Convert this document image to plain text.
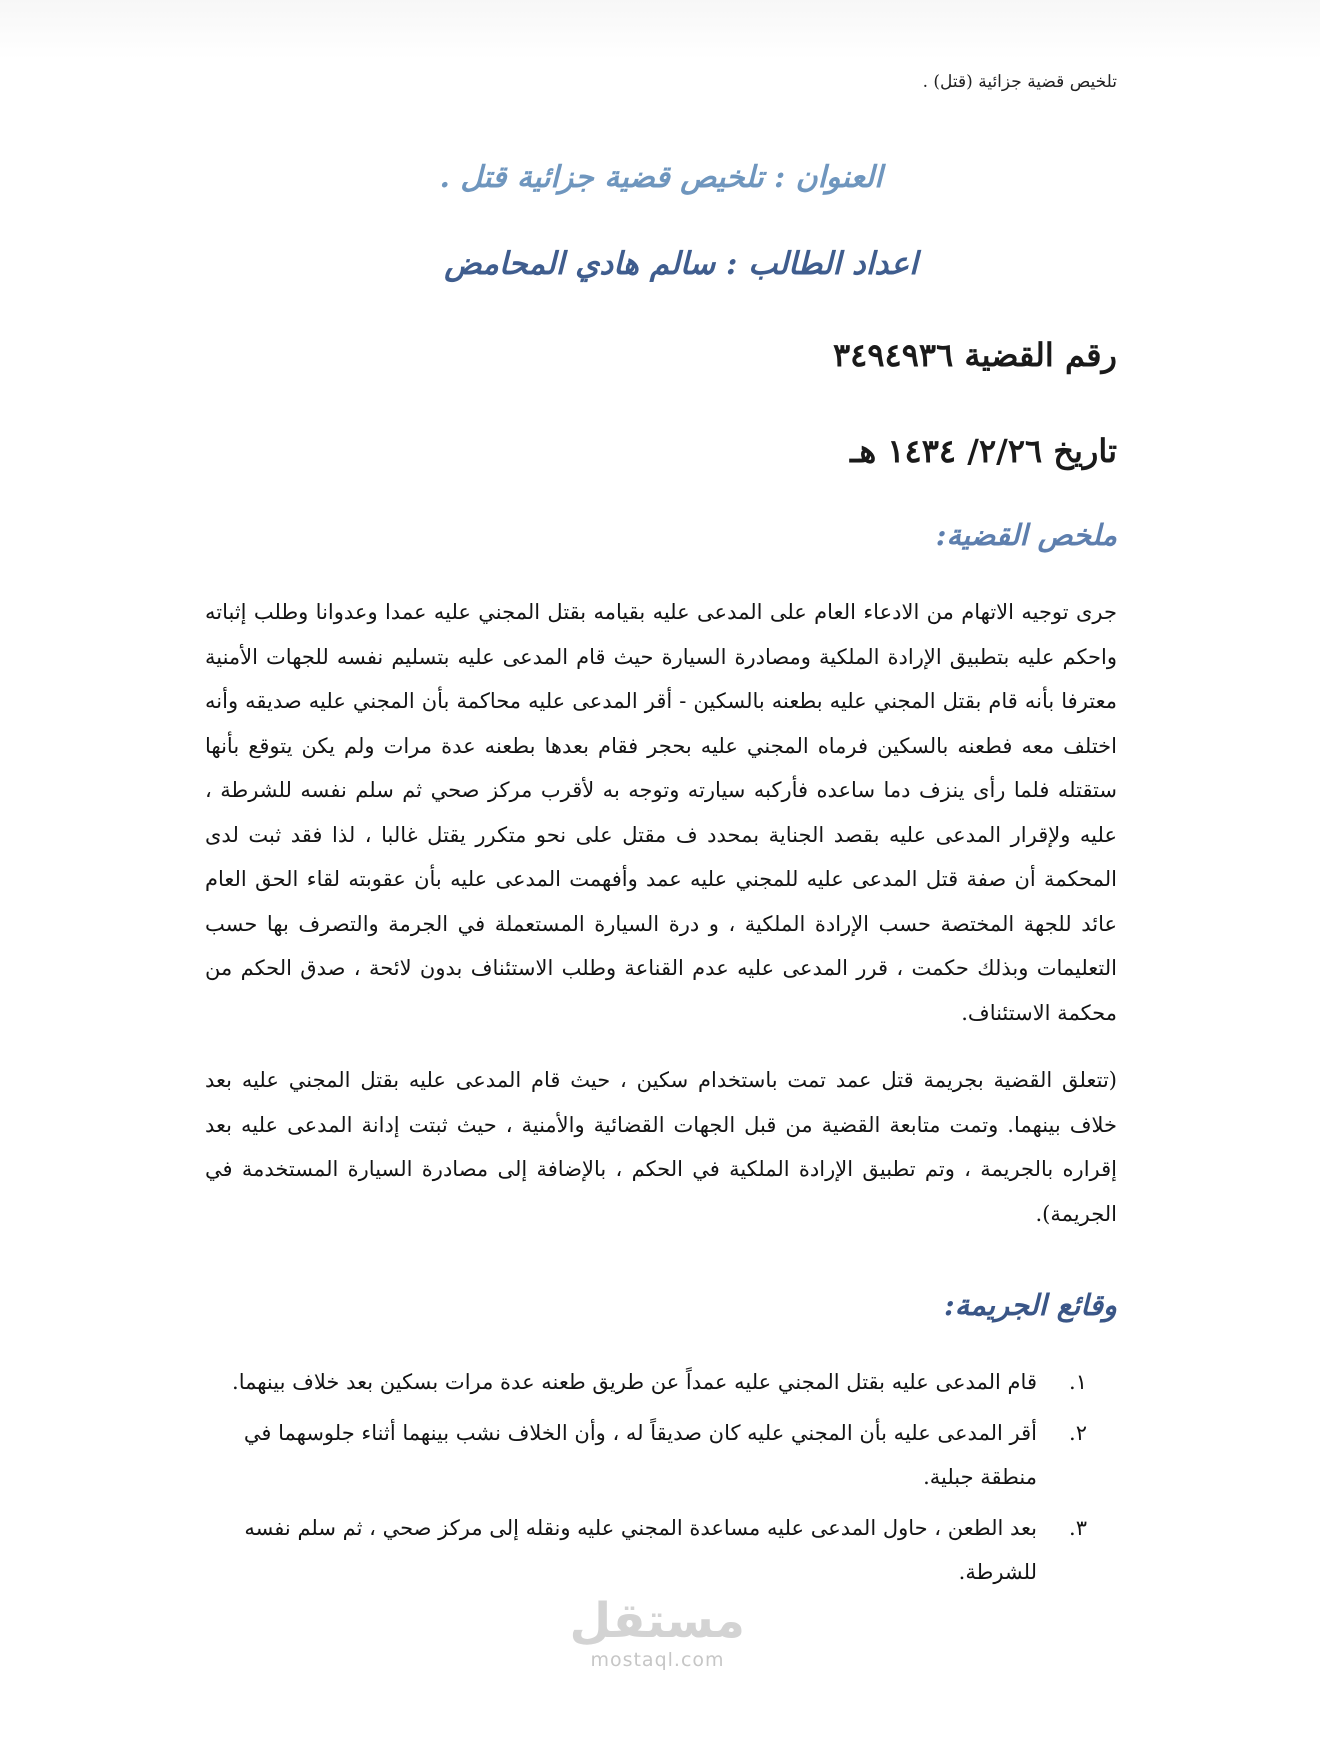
تلخيص قضية جزائية (قتل) .
العنوان : تلخيص قضية جزائية قتل .
اعداد الطالب : سالم هادي المحامض
رقم القضية ٣٤٩٤٩٣٦
تاريخ ٢/٢٦/ ١٤٣٤ هـ
ملخص القضية:

جرى توجيه الاتهام من الادعاء العام على المدعى عليه بقيامه بقتل المجني عليه عمدا وعدوانا وطلب إثباته واحكم عليه بتطبيق الإرادة الملكية ومصادرة السيارة حيث قام المدعى عليه بتسليم نفسه للجهات الأمنية معترفا بأنه قام بقتل المجني عليه بطعنه بالسكين - أقر المدعى عليه محاكمة بأن المجني عليه صديقه وأنه اختلف معه فطعنه بالسكين فرماه المجني عليه بحجر فقام بعدها بطعنه عدة مرات ولم يكن يتوقع بأنها ستقتله فلما رأى ينزف دما ساعده فأركبه سيارته وتوجه به لأقرب مركز صحي ثم سلم نفسه للشرطة ، عليه ولإقرار المدعى عليه بقصد الجناية بمحدد ف مقتل على نحو متكرر يقتل غالبا ، لذا فقد ثبت لدى المحكمة أن صفة قتل المدعى عليه للمجني عليه عمد وأفهمت المدعى عليه بأن عقوبته لقاء الحق العام عائد للجهة المختصة حسب الإرادة الملكية ، و درة السيارة المستعملة في الجرمة والتصرف بها حسب التعليمات وبذلك حكمت ، قرر المدعى عليه عدم القناعة وطلب الاستئناف بدون لائحة ، صدق الحكم من محكمة الاستئناف.

(تتعلق القضية بجريمة قتل عمد تمت باستخدام سكين ، حيث قام المدعى عليه بقتل المجني عليه بعد خلاف بينهما. وتمت متابعة القضية من قبل الجهات القضائية والأمنية ، حيث ثبتت إدانة المدعى عليه بعد إقراره بالجريمة ، وتم تطبيق الإرادة الملكية في الحكم ، بالإضافة إلى مصادرة السيارة المستخدمة في الجريمة).

وقائع الجريمة:
١.
قام المدعى عليه بقتل المجني عليه عمداً عن طريق طعنه عدة مرات بسكين بعد خلاف بينهما.
٢.
أقر المدعى عليه بأن المجني عليه كان صديقاً له ، وأن الخلاف نشب بينهما أثناء جلوسهما في منطقة جبلية.
٣.
بعد الطعن ، حاول المدعى عليه مساعدة المجني عليه ونقله إلى مركز صحي ، ثم سلم نفسه للشرطة.
مستقل
mostaql.com
